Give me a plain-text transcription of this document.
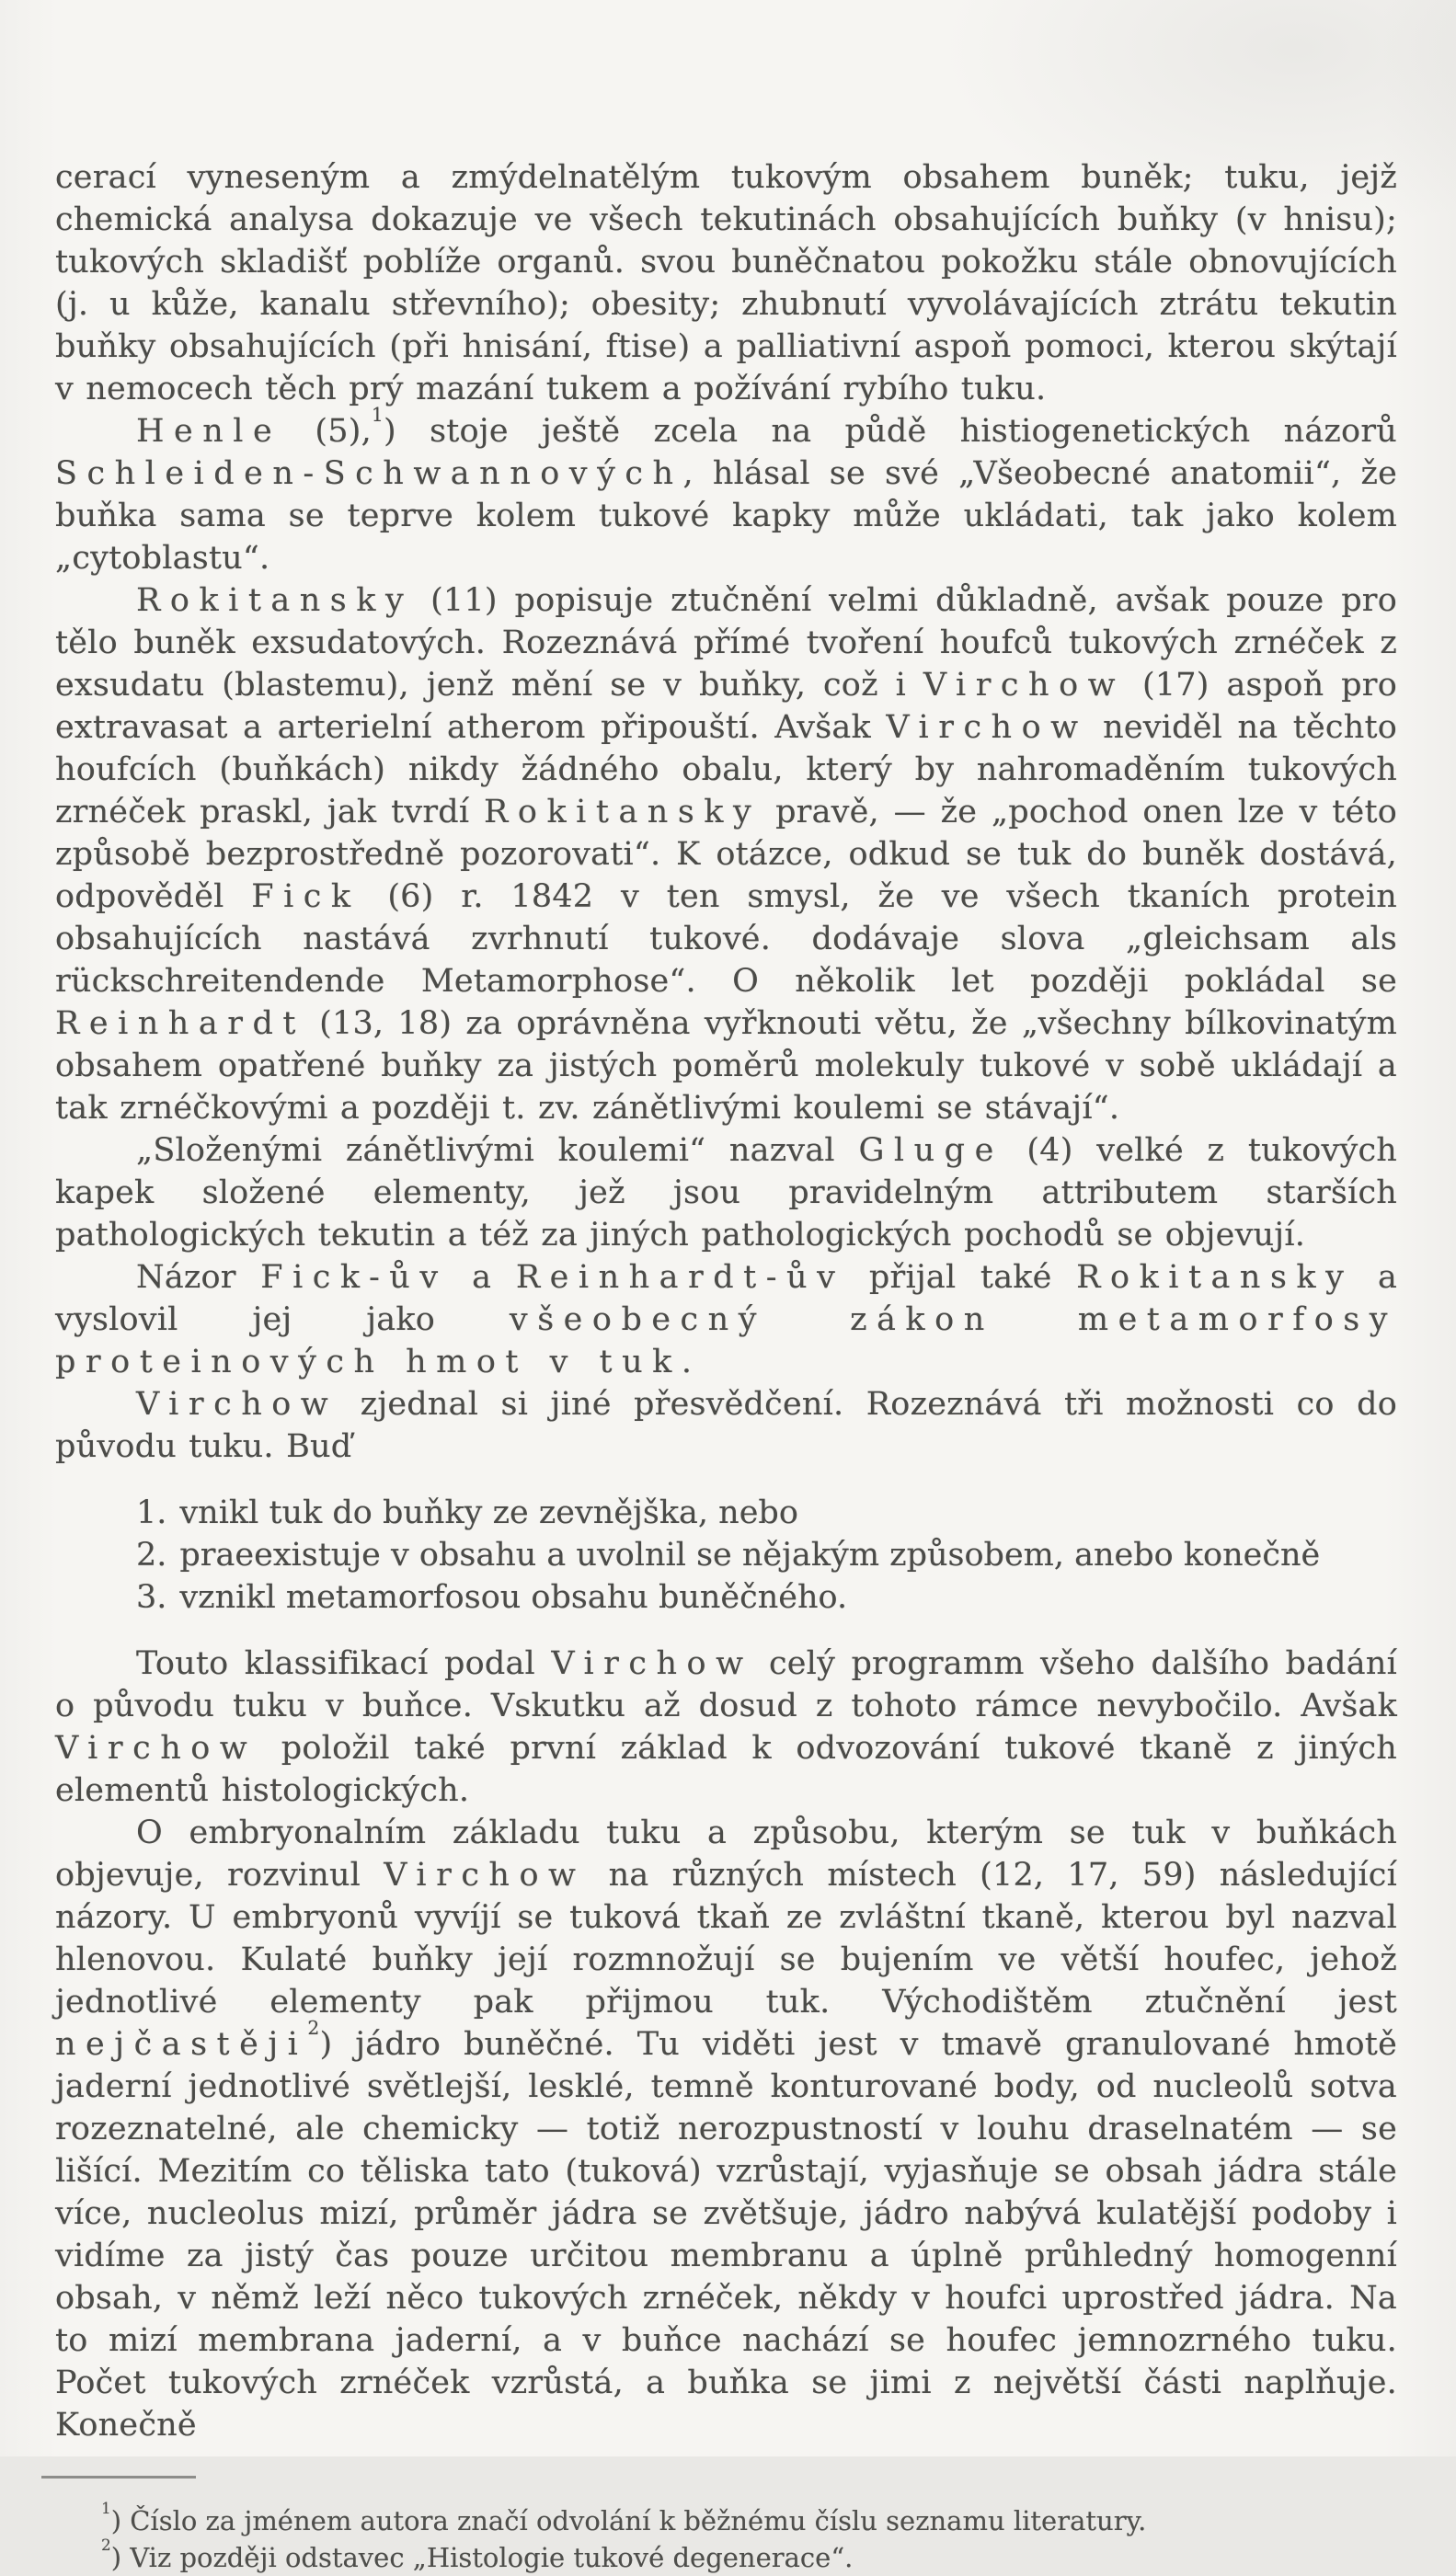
cerací vyneseným a zmýdelnatělým tukovým obsahem buněk; tuku, jejž chemická analysa dokazuje ve všech tekutinách obsahujících buňky (v hnisu); tukových skladišť poblíže organů. svou buněčnatou pokožku stále obnovujících (j. u kůže, kanalu střevního); obesity; zhubnutí vyvolávajících ztrátu tekutin buňky obsahujících (při hnisání, ftise) a palliativní aspoň pomoci, kterou skýtají v nemocech těch prý mazání tukem a požívání rybího tuku.

Henle (5),$^1$) stoje ještě zcela na půdě histiogenetických názorů Schleiden-Schwannových, hlásal se své „Všeobecné anatomii“, že buňka sama se teprve kolem tukové kapky může ukládati, tak jako kolem „cytoblastu“.

Rokitansky (11) popisuje ztučnění velmi důkladně, avšak pouze pro tělo buněk exsudatových. Rozeznává přímé tvoření houfců tukových zrnéček z exsudatu (blastemu), jenž mění se v buňky, což i Virchow (17) aspoň pro extravasat a arterielní atherom připouští. Avšak Virchow neviděl na těchto houfcích (buňkách) nikdy žádného obalu, který by nahromaděním tukových zrnéček praskl, jak tvrdí Rokitansky pravě, — že „pochod onen lze v této způsobě bezprostředně pozorovati“. K otázce, odkud se tuk do buněk dostává, odpověděl Fick (6) r. 1842 v ten smysl, že ve všech tkaních protein obsahujících nastává zvrhnutí tukové. dodávaje slova „gleichsam als rückschreitendende Metamorphose“. O několik let později pokládal se Reinhardt (13, 18) za oprávněna vyřknouti větu, že „všechny bílkovinatým obsahem opatřené buňky za jistých poměrů molekuly tukové v sobě ukládají a tak zrnéčkovými a později t. zv. zánětlivými koulemi se stávají“.

„Složenými zánětlivými koulemi“ nazval Gluge (4) velké z tukových kapek složené elementy, jež jsou pravidelným attributem starších pathologických tekutin a též za jiných pathologických pochodů se objevují.

Názor Fick-ův a Reinhardt-ův přijal také Rokitansky a vyslovil jej jako všeobecný zákon metamorfosy proteinových hmot v tuk.

Virchow zjednal si jiné přesvědčení. Rozeznává tři možnosti co do původu tuku. Buď

1. vnikl tuk do buňky ze zevnějška, nebo
2. praeexistuje v obsahu a uvolnil se nějakým způsobem, anebo konečně
3. vznikl metamorfosou obsahu buněčného.

Touto klassifikací podal Virchow celý programm všeho dalšího badání o původu tuku v buňce. Vskutku až dosud z tohoto rámce nevybočilo. Avšak Virchow položil také první základ k odvozování tukové tkaně z jiných elementů histologických.

O embryonalním základu tuku a způsobu, kterým se tuk v buňkách objevuje, rozvinul Virchow na různých místech (12, 17, 59) následující názory. U embryonů vyvíjí se tuková tkaň ze zvláštní tkaně, kterou byl nazval hlenovou. Kulaté buňky její rozmnožují se bujením ve větší houfec, jehož jednotlivé elementy pak přijmou tuk. Východištěm ztučnění jest nejčastěji$^2$) jádro buněčné. Tu viděti jest v tmavě granulované hmotě jaderní jednotlivé světlejší, lesklé, temně konturované body, od nucleolů sotva rozeznatelné, ale chemicky — totiž nerozpustností v louhu draselnatém — se lišící. Mezitím co těliska tato (tuková) vzrůstají, vyjasňuje se obsah jádra stále více, nucleolus mizí, průměr jádra se zvětšuje, jádro nabývá kulatější podoby i vidíme za jistý čas pouze určitou membranu a úplně průhledný homogenní obsah, v němž leží něco tukových zrnéček, někdy v houfci uprostřed jádra. Na to mizí membrana jaderní, a v buňce nachází se houfec jemnozrného tuku. Počet tukových zrnéček vzrůstá, a buňka se jimi z největší části naplňuje. Konečně

$^1$) Číslo za jménem autora značí odvolání k běžnému číslu seznamu literatury.

$^2$) Viz později odstavec „Histologie tukové degenerace“.
